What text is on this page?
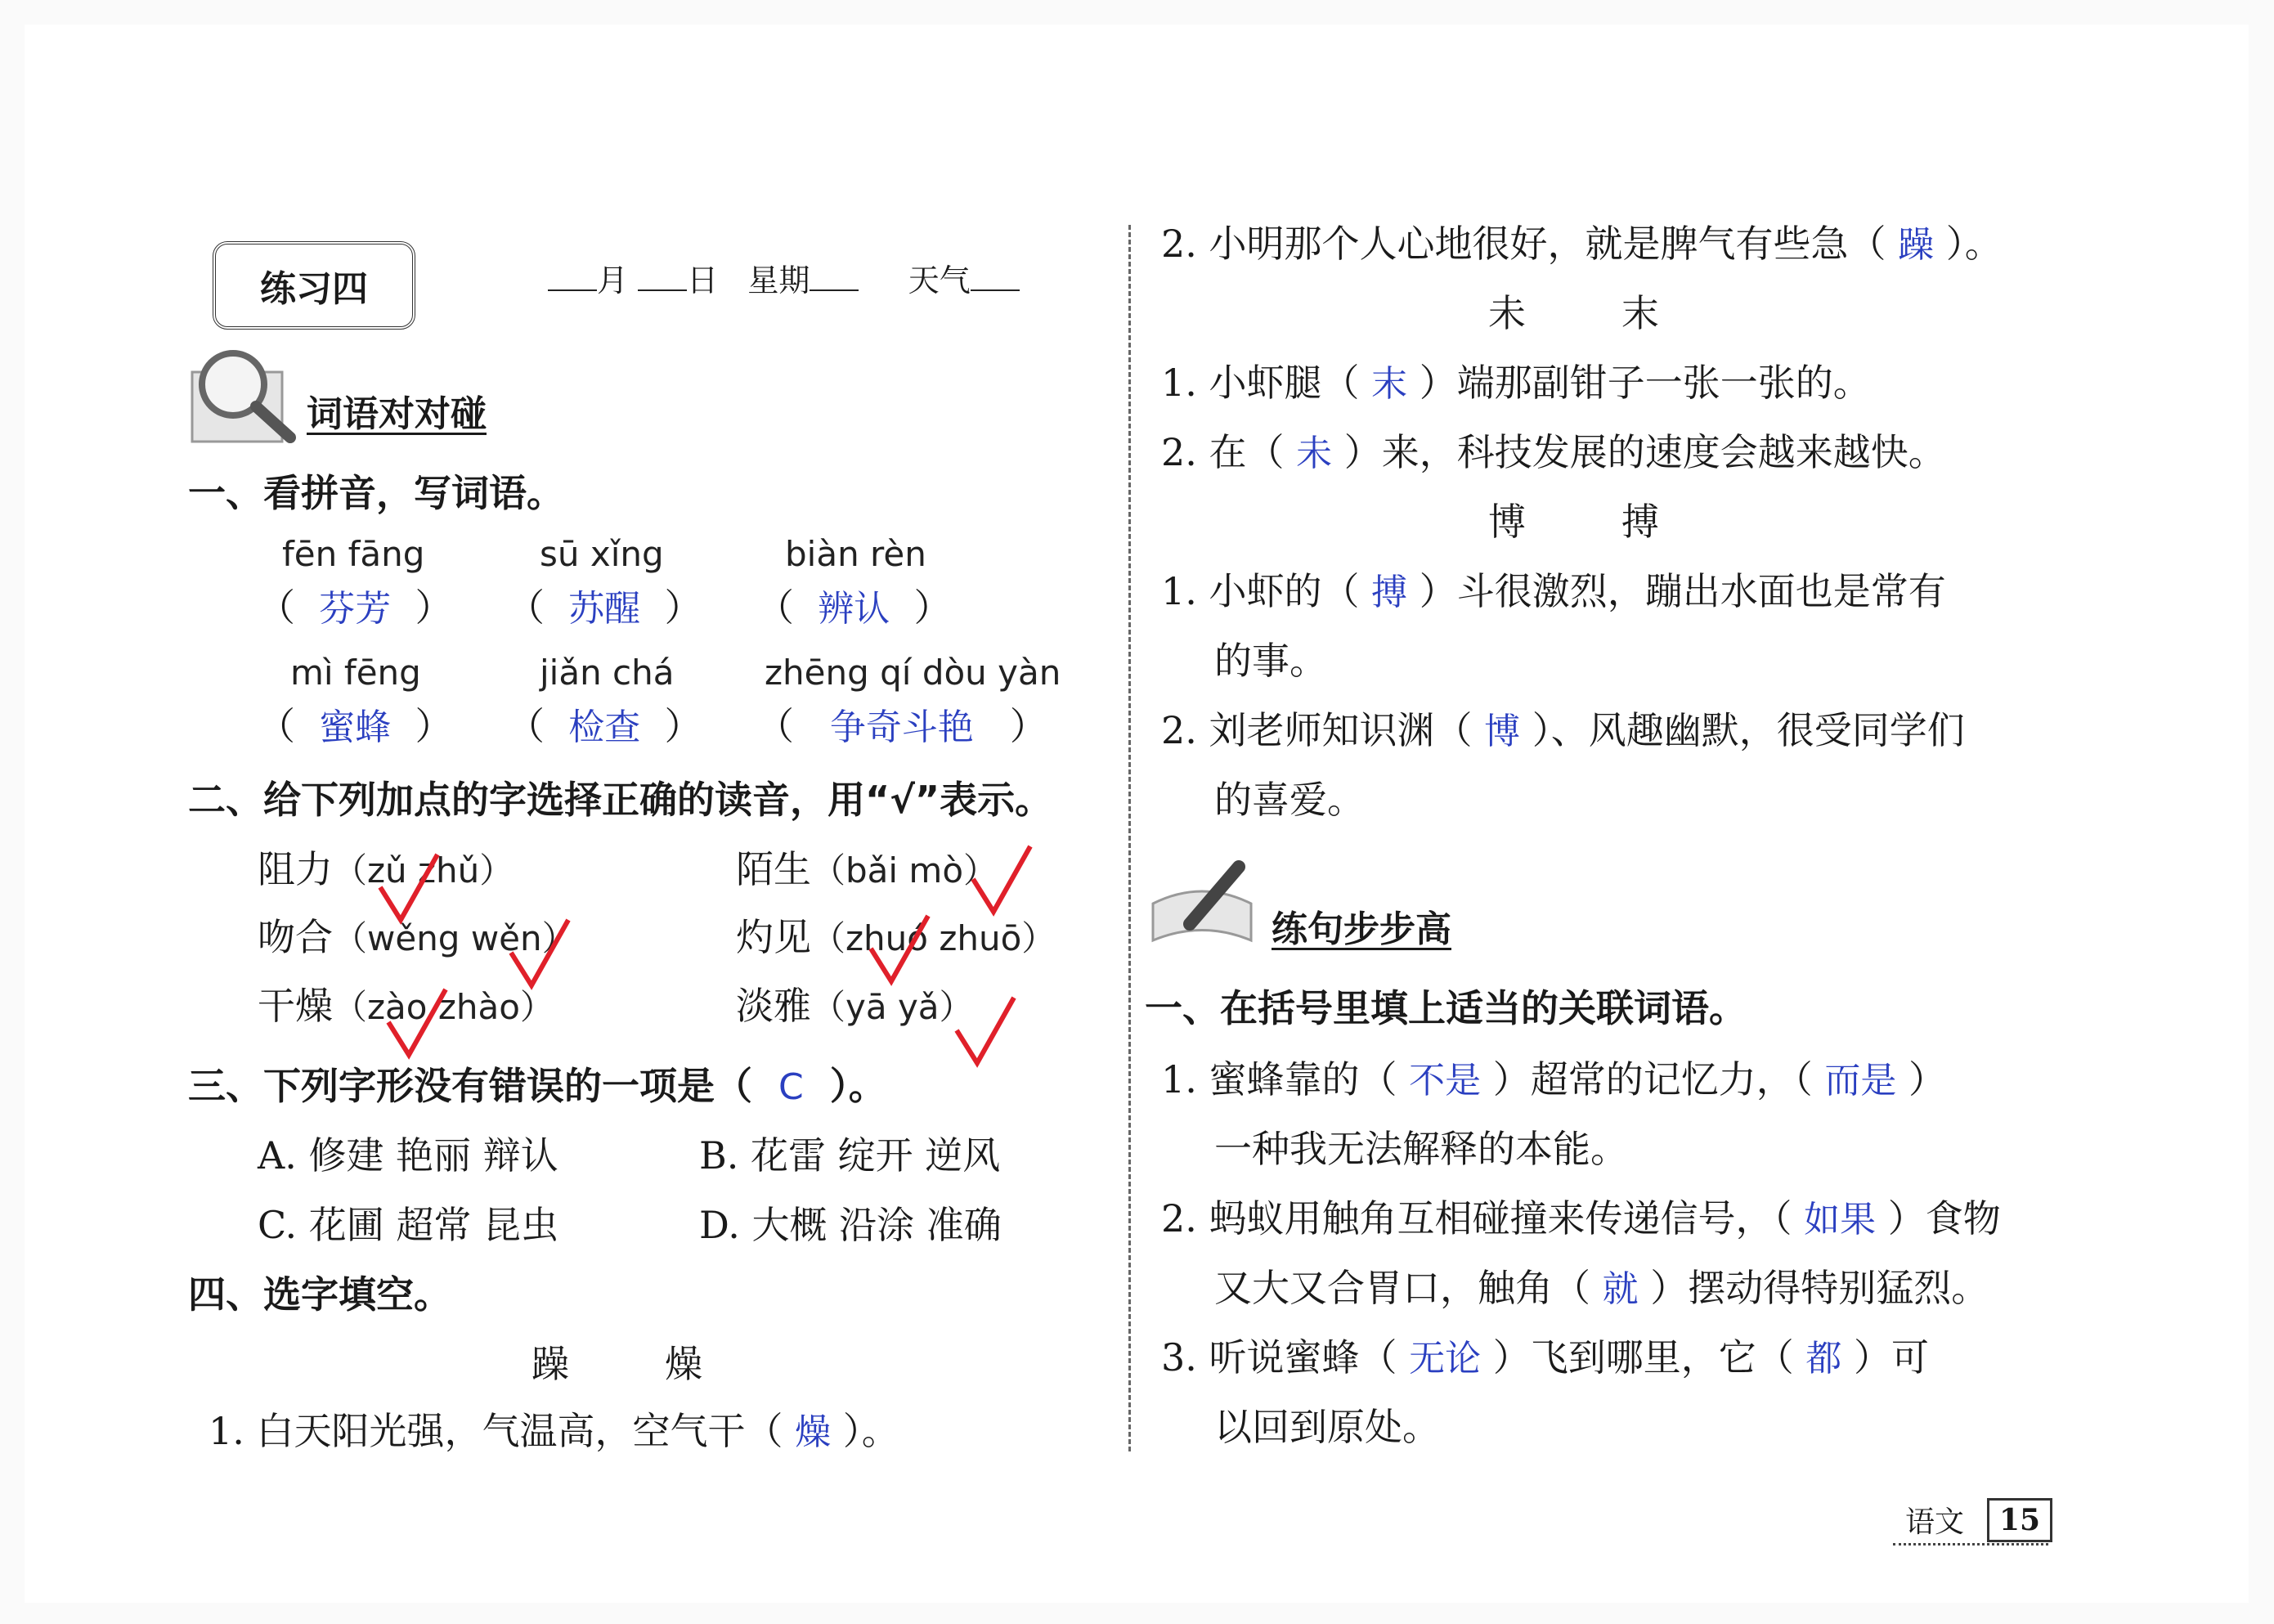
练习四	月 日 星期	天气
词语对对碰
一、看拼音，写词语。
fēn fāng	sū xǐng	biàn rèn
（  芬芳  ） （  苏醒  ） （  辨认  ）
mì fēng	jiǎn chá	zhēng qí dòu yàn
（  蜜蜂  ） （  检查  ） （   争奇斗艳   ）
二、给下列加点的字选择正确的读音，用“√”表示。
阻力（zǔ zhǔ）	陌生（bǎi mò）
吻合（wěng wěn）	灼见（zhuó zhuō）
干燥（zào zhào）	淡雅（yā yǎ）
三、下列字形没有错误的一项是（ C ）。
A. 修建 艳丽 辩认	B. 花雷 绽开 逆风
C. 花圃 超常 昆虫	D. 大概 沿涂 准确
四、选字填空。
躁        燥
1. 白天阳光强，气温高，空气干（ 燥 ）。
2. 小明那个人心地很好，就是脾气有些急（ 躁 ）。
未        末
1. 小虾腿（ 末 ）端那副钳子一张一张的。
2. 在（ 未 ）来，科技发展的速度会越来越快。
博        搏
1. 小虾的（ 搏 ）斗很激烈，蹦出水面也是常有
的事。
2. 刘老师知识渊（ 博 ）、风趣幽默，很受同学们
的喜爱。
练句步步高
一、在括号里填上适当的关联词语。
1. 蜜蜂靠的（ 不是 ）超常的记忆力，（ 而是 ）
一种我无法解释的本能。
2. 蚂蚁用触角互相碰撞来传递信号，（ 如果 ）食物
又大又合胃口，触角（ 就 ）摆动得特别猛烈。
3. 听说蜜蜂（ 无论 ）飞到哪里，它（ 都 ）可
以回到原处。
语文	15
